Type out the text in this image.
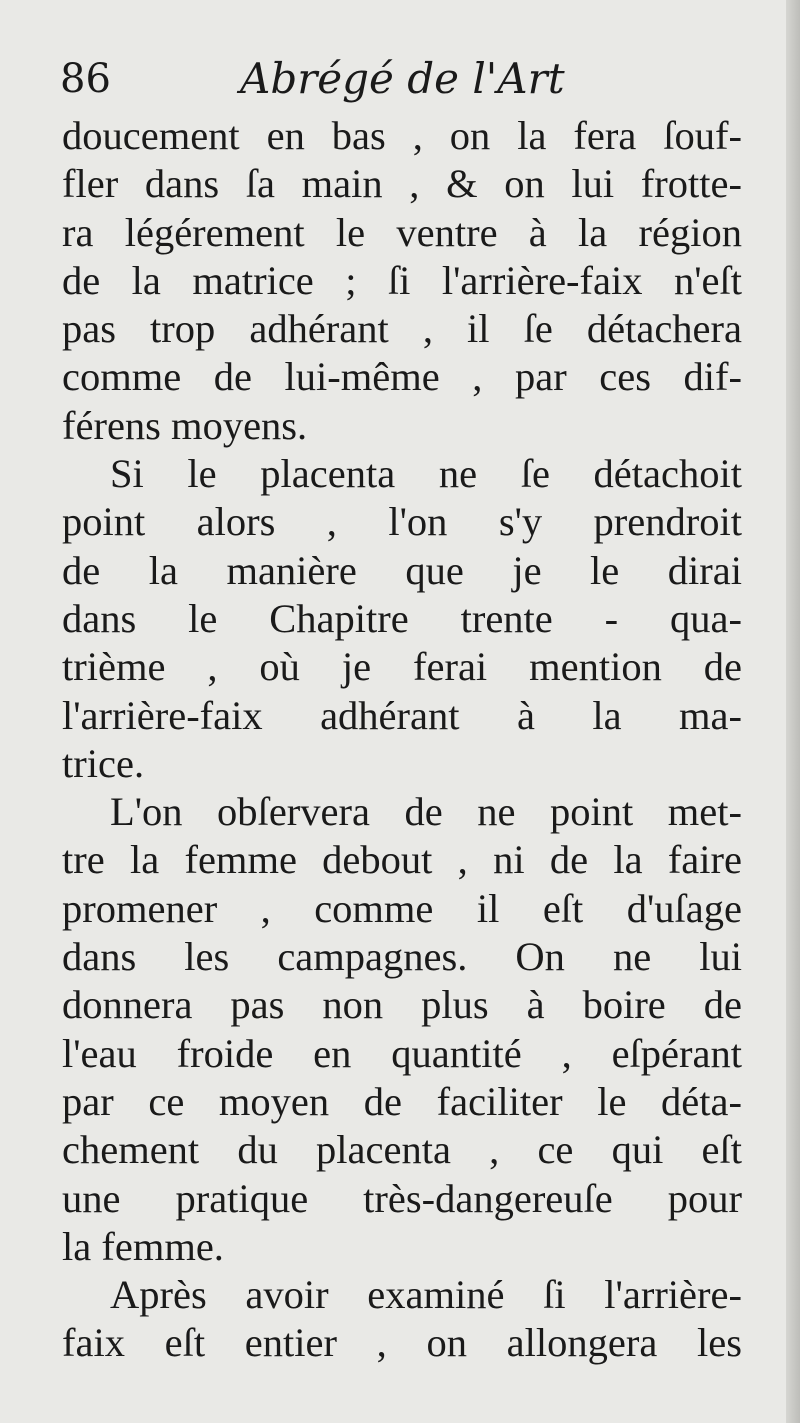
86	Abrégé de l'Art
doucement en bas , on la fera ſouf-
fler dans ſa main , & on lui frotte-
ra légérement le ventre à la région
de la matrice ; ſi l'arrière-faix n'eſt
pas trop adhérant , il ſe détachera
comme de lui-même , par ces dif-
férens moyens.
Si le placenta ne ſe détachoit
point alors , l'on s'y prendroit
de la manière que je le dirai
dans le Chapitre trente - qua-
trième , où je ferai mention de
l'arrière-faix adhérant à la ma-
trice.
L'on obſervera de ne point met-
tre la femme debout , ni de la faire
promener , comme il eſt d'uſage
dans les campagnes. On ne lui
donnera pas non plus à boire de
l'eau froide en quantité , eſpérant
par ce moyen de faciliter le déta-
chement du placenta , ce qui eſt
une pratique très-dangereuſe pour
la femme.
Après avoir examiné ſi l'arrière-
faix eſt entier , on allongera les
